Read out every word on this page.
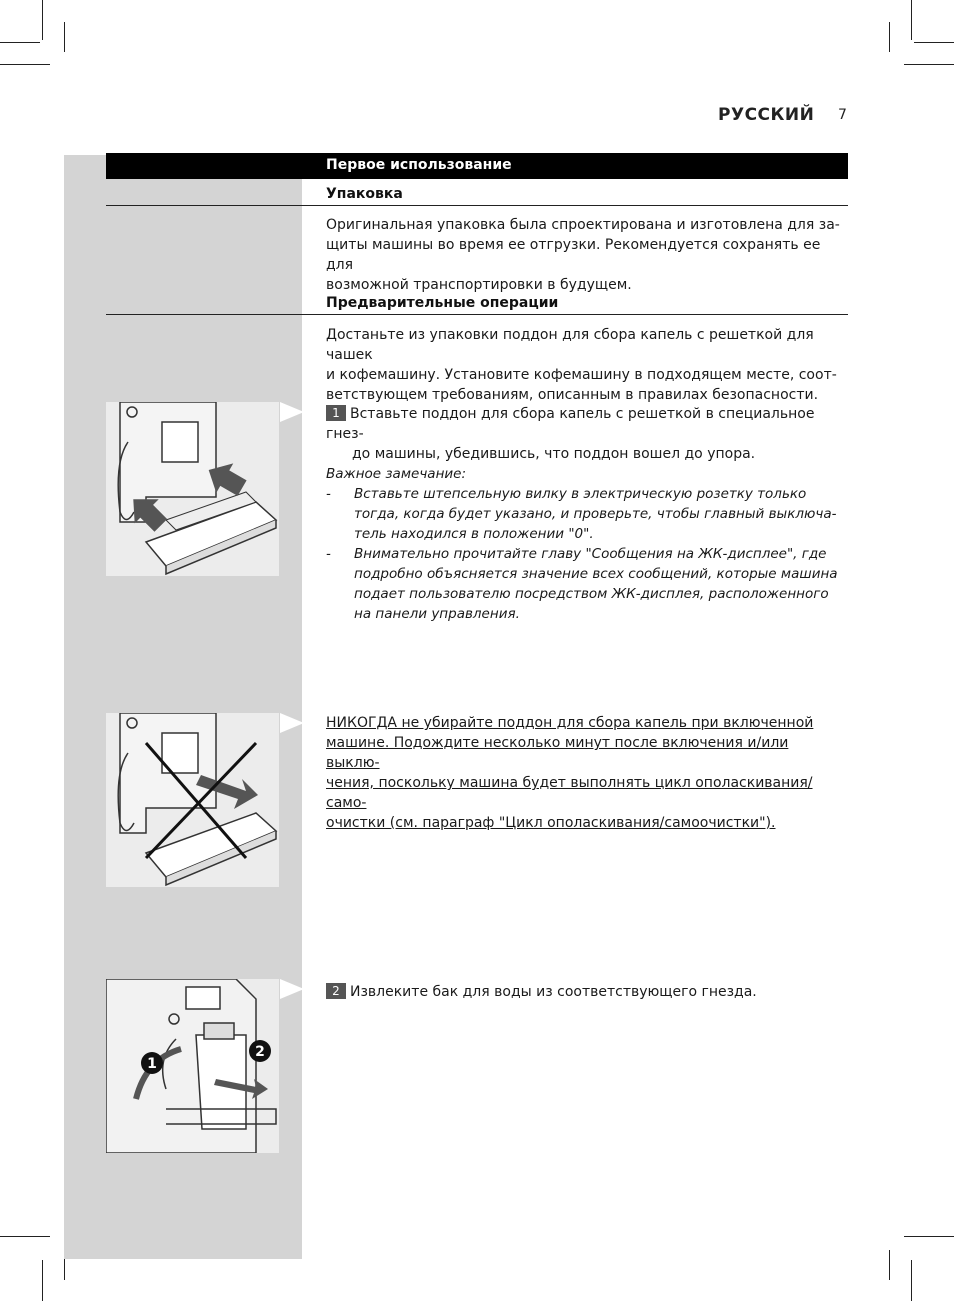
РУССКИЙ 7
Первое использование
Упаковка
Оригинальная упаковка была спроектирована и изготовлена для за-
щиты машины во время ее отгрузки. Рекомендуется сохранять ее для
возможной транспортировки в будущем.
Предварительные операции
Достаньте из упаковки поддон для сбора капель с решеткой для чашек
и кофемашину. Установите кофемашину в подходящем месте, соот-
ветствующем требованиям, описанным в правилах безопасности.
1 Вставьте поддон для сбора капель с решеткой в специальное гнез-
до машины, убедившись, что поддон вошел до упора.
Важное замечание:
- Вставьте штепсельную вилку в электрическую розетку только
тогда, когда будет указано, и проверьте, чтобы главный выключа-
тель находился в положении "0".
- Внимательно прочитайте главу "Сообщения на ЖК-дисплее", где
подробно объясняется значение всех сообщений, которые машина
подает пользователю посредством ЖК-дисплея, расположенного
на панели управления.
НИКОГДА не убирайте поддон для сбора капель при включенной
машине. Подождите несколько минут после включения и/или выклю-
чения, поскольку машина будет выполнять цикл ополаскивания/само-
очистки (см. параграф "Цикл ополаскивания/самоочистки").
1
2
2 Извлеките бак для воды из соответствующего гнезда.
